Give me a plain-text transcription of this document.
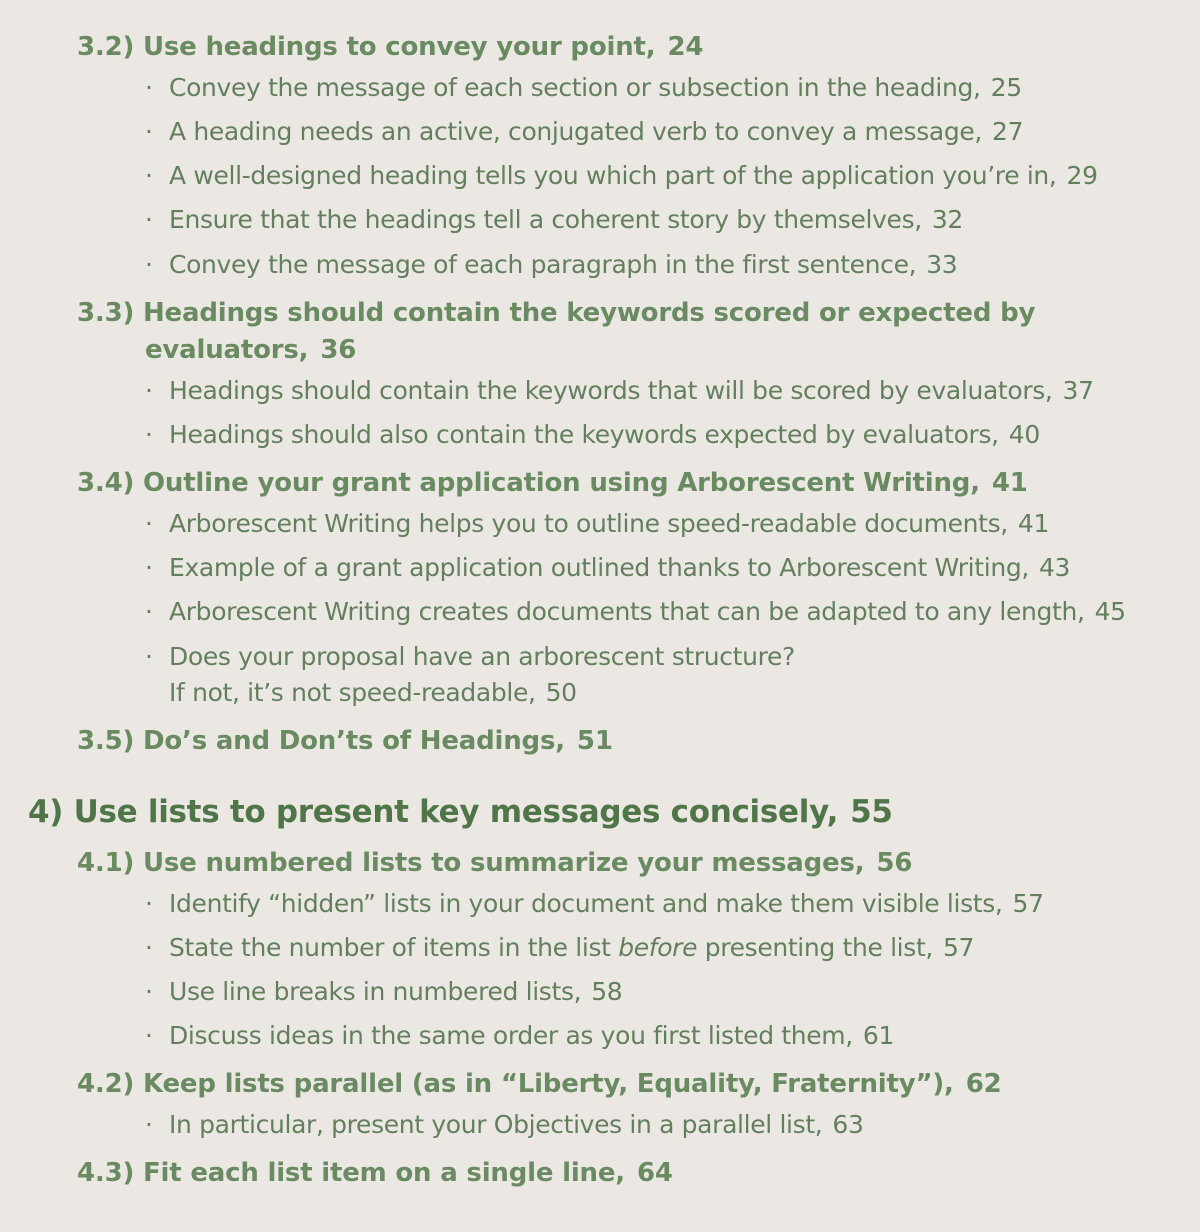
3.2) Use headings to convey your point, 24
· Convey the message of each section or subsection in the heading, 25
· A heading needs an active, conjugated verb to convey a message, 27
· A well-designed heading tells you which part of the application you’re in, 29
· Ensure that the headings tell a coherent story by themselves, 32
· Convey the message of each paragraph in the first sentence, 33
3.3) Headings should contain the keywords scored or expected by
evaluators, 36
· Headings should contain the keywords that will be scored by evaluators, 37
· Headings should also contain the keywords expected by evaluators, 40
3.4) Outline your grant application using Arborescent Writing, 41
· Arborescent Writing helps you to outline speed-readable documents, 41
· Example of a grant application outlined thanks to Arborescent Writing, 43
· Arborescent Writing creates documents that can be adapted to any length, 45
· Does your proposal have an arborescent structure?
If not, it’s not speed-readable, 50
3.5) Do’s and Don’ts of Headings, 51
4) Use lists to present key messages concisely, 55
4.1) Use numbered lists to summarize your messages, 56
· Identify “hidden” lists in your document and make them visible lists, 57
· State the number of items in the list before presenting the list, 57
· Use line breaks in numbered lists, 58
· Discuss ideas in the same order as you first listed them, 61
4.2) Keep lists parallel (as in “Liberty, Equality, Fraternity”), 62
· In particular, present your Objectives in a parallel list, 63
4.3) Fit each list item on a single line, 64
